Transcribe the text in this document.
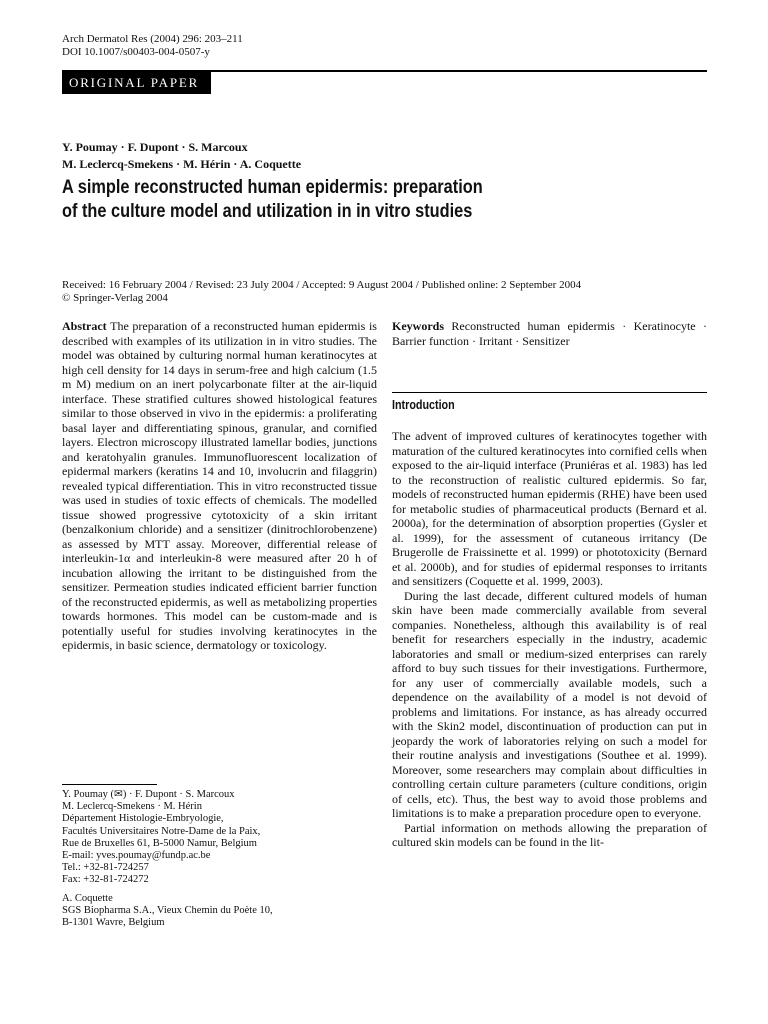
Arch Dermatol Res (2004) 296: 203–211
DOI 10.1007/s00403-004-0507-y
ORIGINAL PAPER
Y. Poumay · F. Dupont · S. Marcoux
M. Leclercq-Smekens · M. Hérin · A. Coquette
A simple reconstructed human epidermis: preparation
of the culture model and utilization in in vitro studies
Received: 16 February 2004 / Revised: 23 July 2004 / Accepted: 9 August 2004 / Published online: 2 September 2004
© Springer-Verlag 2004
Abstract The preparation of a reconstructed human epidermis is described with examples of its utilization in in vitro studies. The model was obtained by culturing normal human keratinocytes at high cell density for 14 days in serum-free and high calcium (1.5 m M) medium on an inert polycarbonate filter at the air-liquid interface. These stratified cultures showed histological features similar to those observed in vivo in the epidermis: a proliferating basal layer and differentiating spinous, granular, and cornified layers. Electron microscopy illustrated lamellar bodies, junctions and keratohyalin granules. Immunofluorescent localization of epidermal markers (keratins 14 and 10, involucrin and filaggrin) revealed typical differentiation. This in vitro reconstructed tissue was used in studies of toxic effects of chemicals. The modelled tissue showed progressive cytotoxicity of a skin irritant (benzalkonium chloride) and a sensitizer (dinitrochlorobenzene) as assessed by MTT assay. Moreover, differential release of interleukin-1α and interleukin-8 were measured after 20 h of incubation allowing the irritant to be distinguished from the sensitizer. Permeation studies indicated efficient barrier function of the reconstructed epidermis, as well as metabolizing properties towards hormones. This model can be custom-made and is potentially useful for studies involving keratinocytes in the epidermis, in basic science, dermatology or toxicology.
Keywords Reconstructed human epidermis · Keratinocyte · Barrier function · Irritant · Sensitizer
Introduction

The advent of improved cultures of keratinocytes together with maturation of the cultured keratinocytes into cornified cells when exposed to the air-liquid interface (Pruniéras et al. 1983) has led to the reconstruction of realistic cultured epidermis. So far, models of reconstructed human epidermis (RHE) have been used for metabolic studies of pharmaceutical products (Bernard et al. 2000a), for the determination of absorption properties (Gysler et al. 1999), for the assessment of cutaneous irritancy (De Brugerolle de Fraissinette et al. 1999) or phototoxicity (Bernard et al. 2000b), and for studies of epidermal responses to irritants and sensitizers (Coquette et al. 1999, 2003).

During the last decade, different cultured models of human skin have been made commercially available from several companies. Nonetheless, although this availability is of real benefit for researchers especially in the industry, academic laboratories and small or medium-sized enterprises can rarely afford to buy such tissues for their investigations. Furthermore, for any user of commercially available models, such a dependence on the availability of a model is not devoid of problems and limitations. For instance, as has already occurred with the Skin2 model, discontinuation of production can put in jeopardy the work of laboratories relying on such a model for their routine analysis and investigations (Southee et al. 1999). Moreover, some researchers may complain about difficulties in controlling certain culture parameters (culture conditions, origin of cells, etc). Thus, the best way to avoid those problems and limitations is to make a preparation procedure open to everyone.

Partial information on methods allowing the preparation of cultured skin models can be found in the lit-

Y. Poumay (✉) · F. Dupont · S. Marcoux
M. Leclercq-Smekens · M. Hérin
Département Histologie-Embryologie,
Facultés Universitaires Notre-Dame de la Paix,
Rue de Bruxelles 61, B-5000 Namur, Belgium
E-mail: yves.poumay@fundp.ac.be
Tel.: +32-81-724257
Fax: +32-81-724272
A. Coquette
SGS Biopharma S.A., Vieux Chemin du Poète 10,
B-1301 Wavre, Belgium
